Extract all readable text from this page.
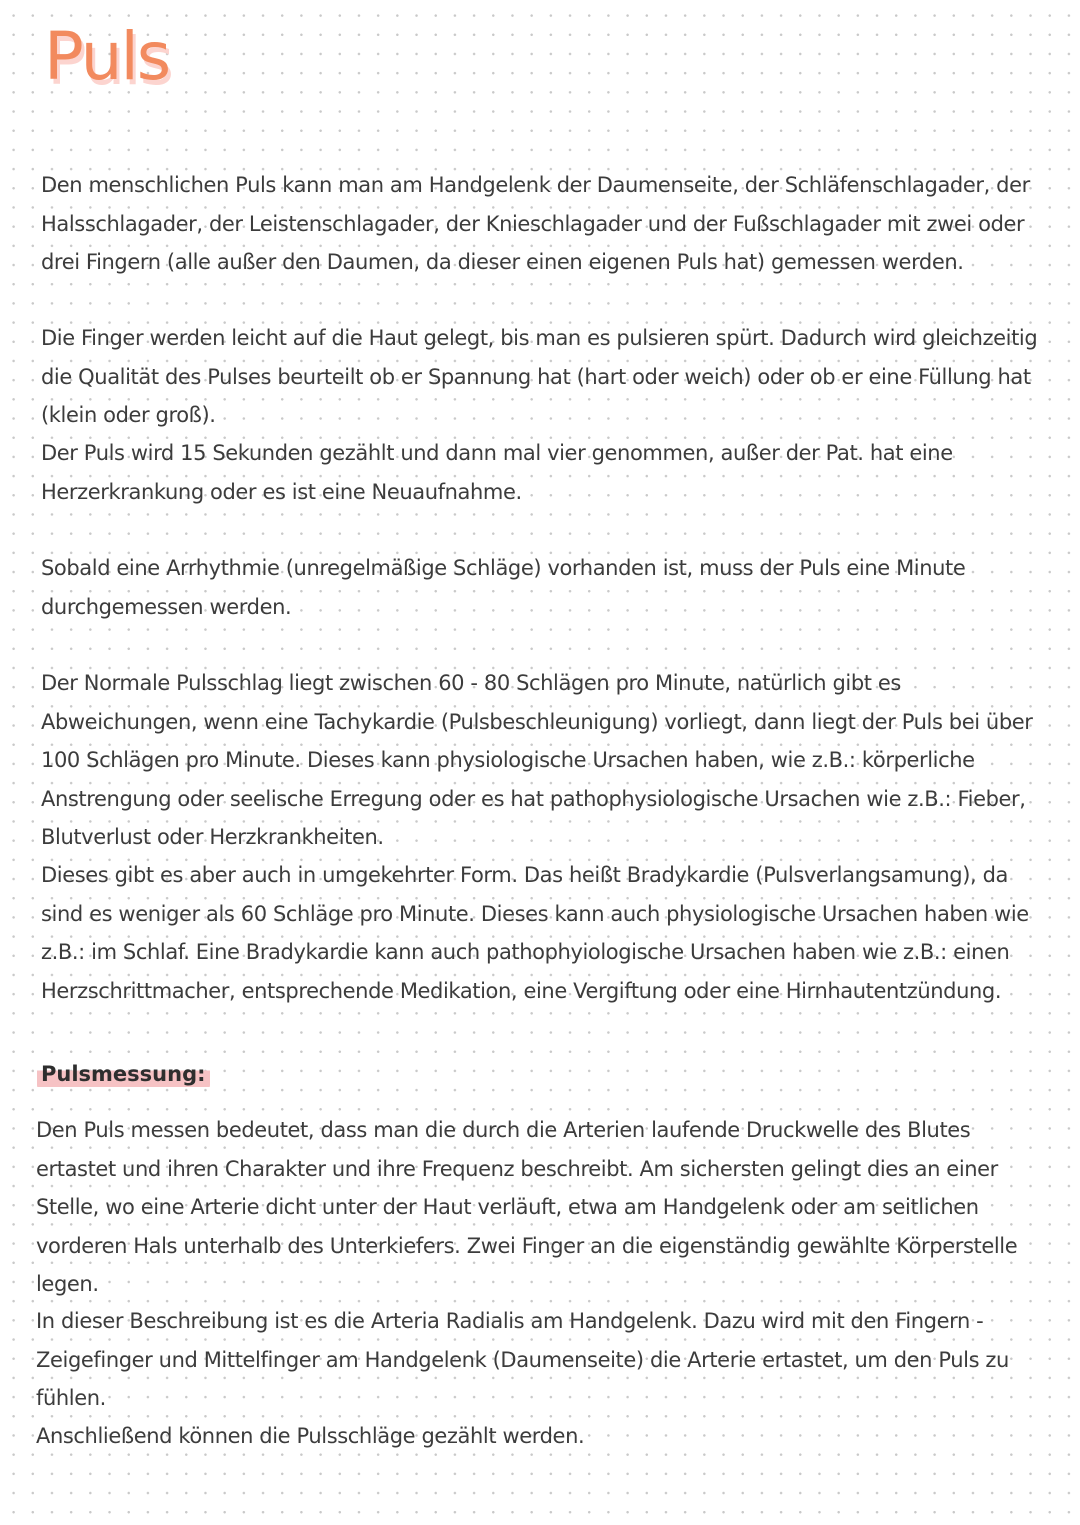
Puls

Den menschlichen Puls kann man am Handgelenk der Daumenseite, der Schläfenschlagader, der Halsschlagader, der Leistenschlagader, der Knieschlagader und der Fußschlagader mit zwei oder drei Fingern (alle außer den Daumen, da dieser einen eigenen Puls hat) gemessen werden.

Die Finger werden leicht auf die Haut gelegt, bis man es pulsieren spürt. Dadurch wird gleichzeitig die Qualität des Pulses beurteilt ob er Spannung hat (hart oder weich) oder ob er eine Füllung hat (klein oder groß).

Der Puls wird 15 Sekunden gezählt und dann mal vier genommen, außer der Pat. hat eine Herzerkrankung oder es ist eine Neuaufnahme.

Sobald eine Arrhythmie (unregelmäßige Schläge) vorhanden ist, muss der Puls eine Minute durchgemessen werden.

Der Normale Pulsschlag liegt zwischen 60 - 80 Schlägen pro Minute, natürlich gibt es Abweichungen, wenn eine Tachykardie (Pulsbeschleunigung) vorliegt, dann liegt der Puls bei über 100 Schlägen pro Minute. Dieses kann physiologische Ursachen haben, wie z.B.: körperliche Anstrengung oder seelische Erregung oder es hat pathophysiologische Ursachen wie z.B.: Fieber, Blutverlust oder Herzkrankheiten.

Dieses gibt es aber auch in umgekehrter Form. Das heißt Bradykardie (Pulsverlangsamung), da sind es weniger als 60 Schläge pro Minute. Dieses kann auch physiologische Ursachen haben wie z.B.: im Schlaf. Eine Bradykardie kann auch pathophyiologische Ursachen haben wie z.B.: einen Herzschrittmacher, entsprechende Medikation, eine Vergiftung oder eine Hirnhautentzündung.

Pulsmessung:

Den Puls messen bedeutet, dass man die durch die Arterien laufende Druckwelle des Blutes ertastet und ihren Charakter und ihre Frequenz beschreibt. Am sichersten gelingt dies an einer Stelle, wo eine Arterie dicht unter der Haut verläuft, etwa am Handgelenk oder am seitlichen vorderen Hals unterhalb des Unterkiefers. Zwei Finger an die eigenständig gewählte Körperstelle legen.

In dieser Beschreibung ist es die Arteria Radialis am Handgelenk. Dazu wird mit den Fingern - Zeigefinger und Mittelfinger am Handgelenk (Daumenseite) die Arterie ertastet, um den Puls zu fühlen.

Anschließend können die Pulsschläge gezählt werden.
